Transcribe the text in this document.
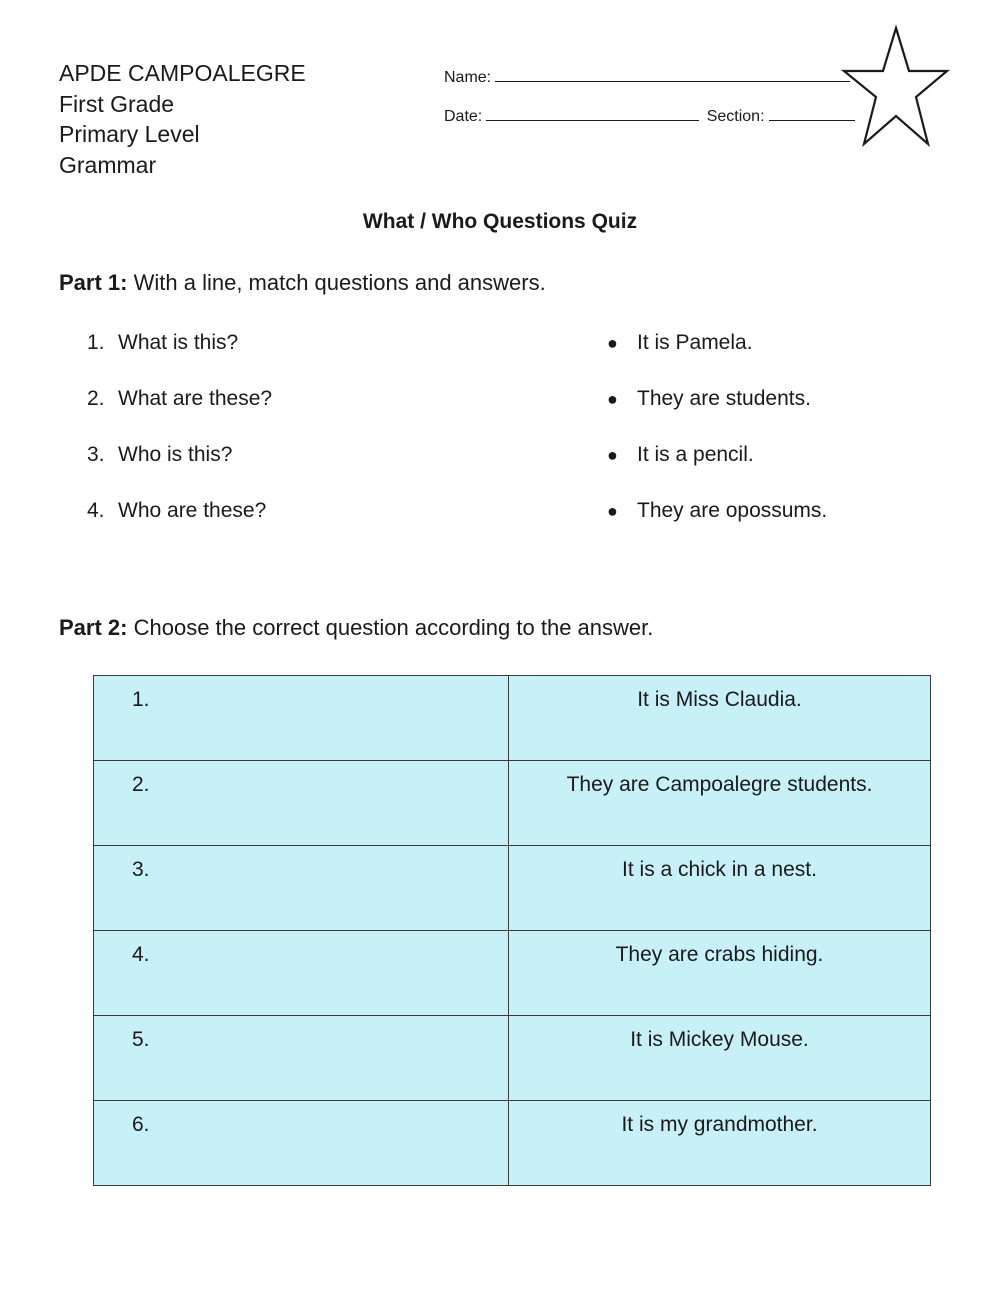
APDE CAMPOALEGRE
First Grade
Primary Level
Grammar
Name:
Date:	Section:
What / Who Questions Quiz
Part 1: With a line, match questions and answers.
1. What is this?
2. What are these?
3. Who is this?
4. Who are these?
● It is Pamela.
● They are students.
● It is a pencil.
● They are opossums.
Part 2: Choose the correct question according to the answer.
1.	It is Miss Claudia.
2.	They are Campoalegre students.
3.	It is a chick in a nest.
4.	They are crabs hiding.
5.	It is Mickey Mouse.
6.	It is my grandmother.
